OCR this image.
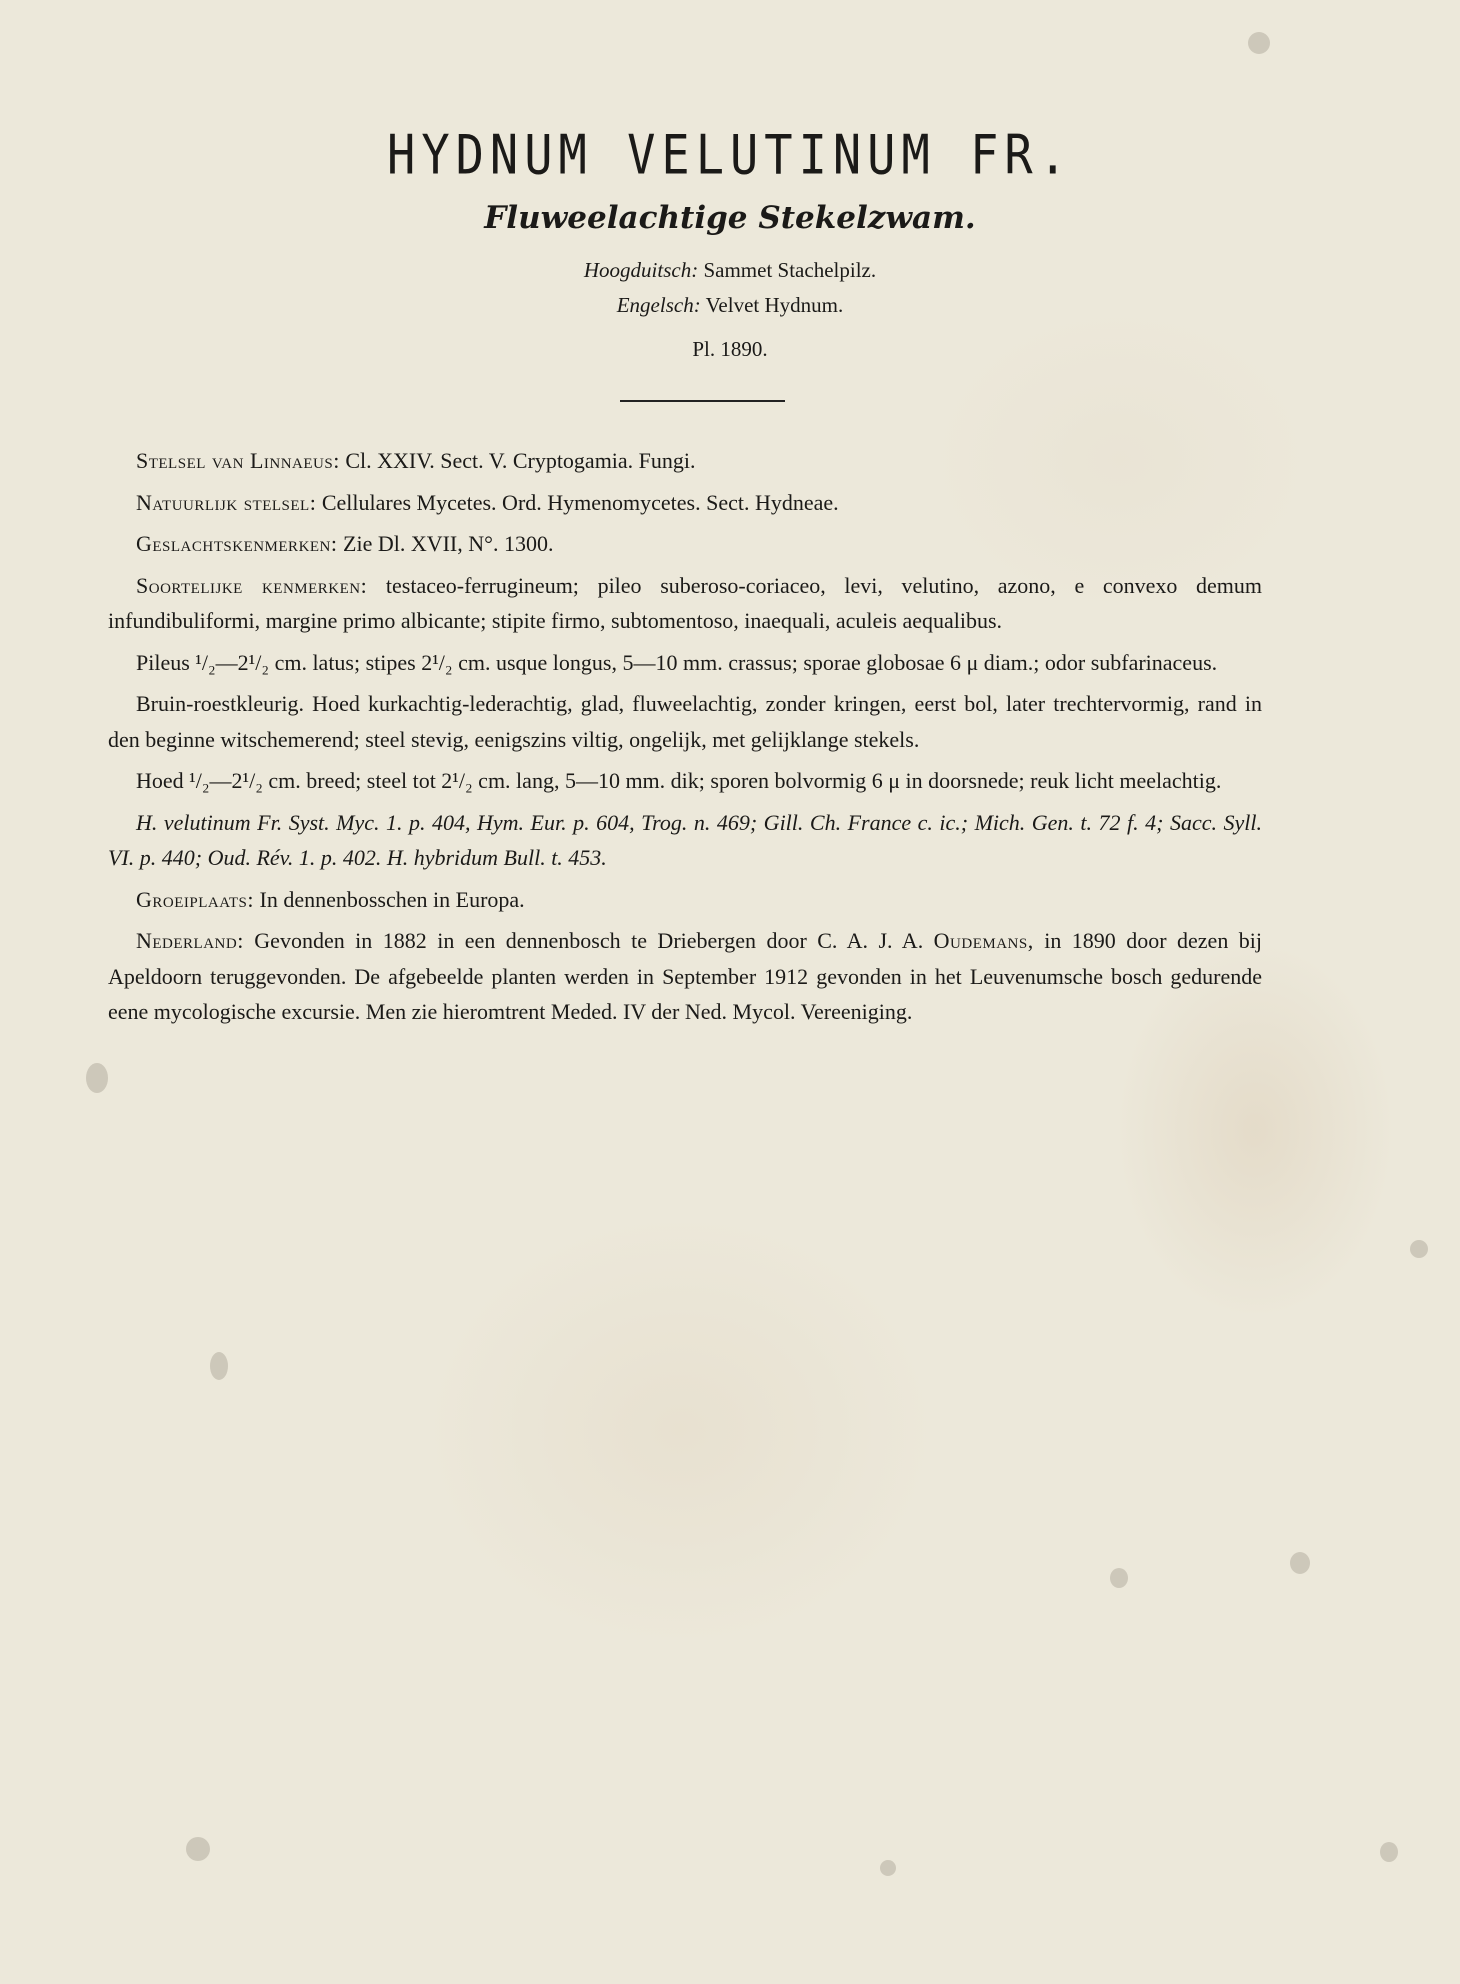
HYDNUM VELUTINUM FR.
Fluweelachtige Stekelzwam.
Hoogduitsch: Sammet Stachelpilz.
Engelsch: Velvet Hydnum.
Pl. 1890.

Stelsel van Linnaeus: Cl. XXIV. Sect. V. Cryptogamia. Fungi.

Natuurlijk stelsel: Cellulares Mycetes. Ord. Hymenomycetes. Sect. Hydneae.

Geslachtskenmerken: Zie Dl. XVII, N°. 1300.

Soortelijke kenmerken: testaceo-ferrugineum; pileo suberoso-coriaceo, levi, velutino, azono, e convexo demum infundibuliformi, margine primo albicante; stipite firmo, subtomentoso, inaequali, aculeis aequalibus.

Pileus ¹/₂—2¹/₂ cm. latus; stipes 2¹/₂ cm. usque longus, 5—10 mm. crassus; sporae globosae 6 μ diam.; odor subfarinaceus.

Bruin-roestkleurig. Hoed kurkachtig-lederachtig, glad, fluweelachtig, zonder kringen, eerst bol, later trechtervormig, rand in den beginne witschemerend; steel stevig, eenigszins viltig, ongelijk, met gelijklange stekels.

Hoed ¹/₂—2¹/₂ cm. breed; steel tot 2¹/₂ cm. lang, 5—10 mm. dik; sporen bolvormig 6 μ in doorsnede; reuk licht meelachtig.

H. velutinum Fr. Syst. Myc. 1. p. 404, Hym. Eur. p. 604, Trog. n. 469; Gill. Ch. France c. ic.; Mich. Gen. t. 72 f. 4; Sacc. Syll. VI. p. 440; Oud. Rév. 1. p. 402. H. hybridum Bull. t. 453.

Groeiplaats: In dennenbosschen in Europa.

Nederland: Gevonden in 1882 in een dennenbosch te Driebergen door C. A. J. A. Oudemans, in 1890 door dezen bij Apeldoorn teruggevonden. De afgebeelde planten werden in September 1912 gevonden in het Leuvenumsche bosch gedurende eene mycologische excursie. Men zie hieromtrent Meded. IV der Ned. Mycol. Vereeniging.
